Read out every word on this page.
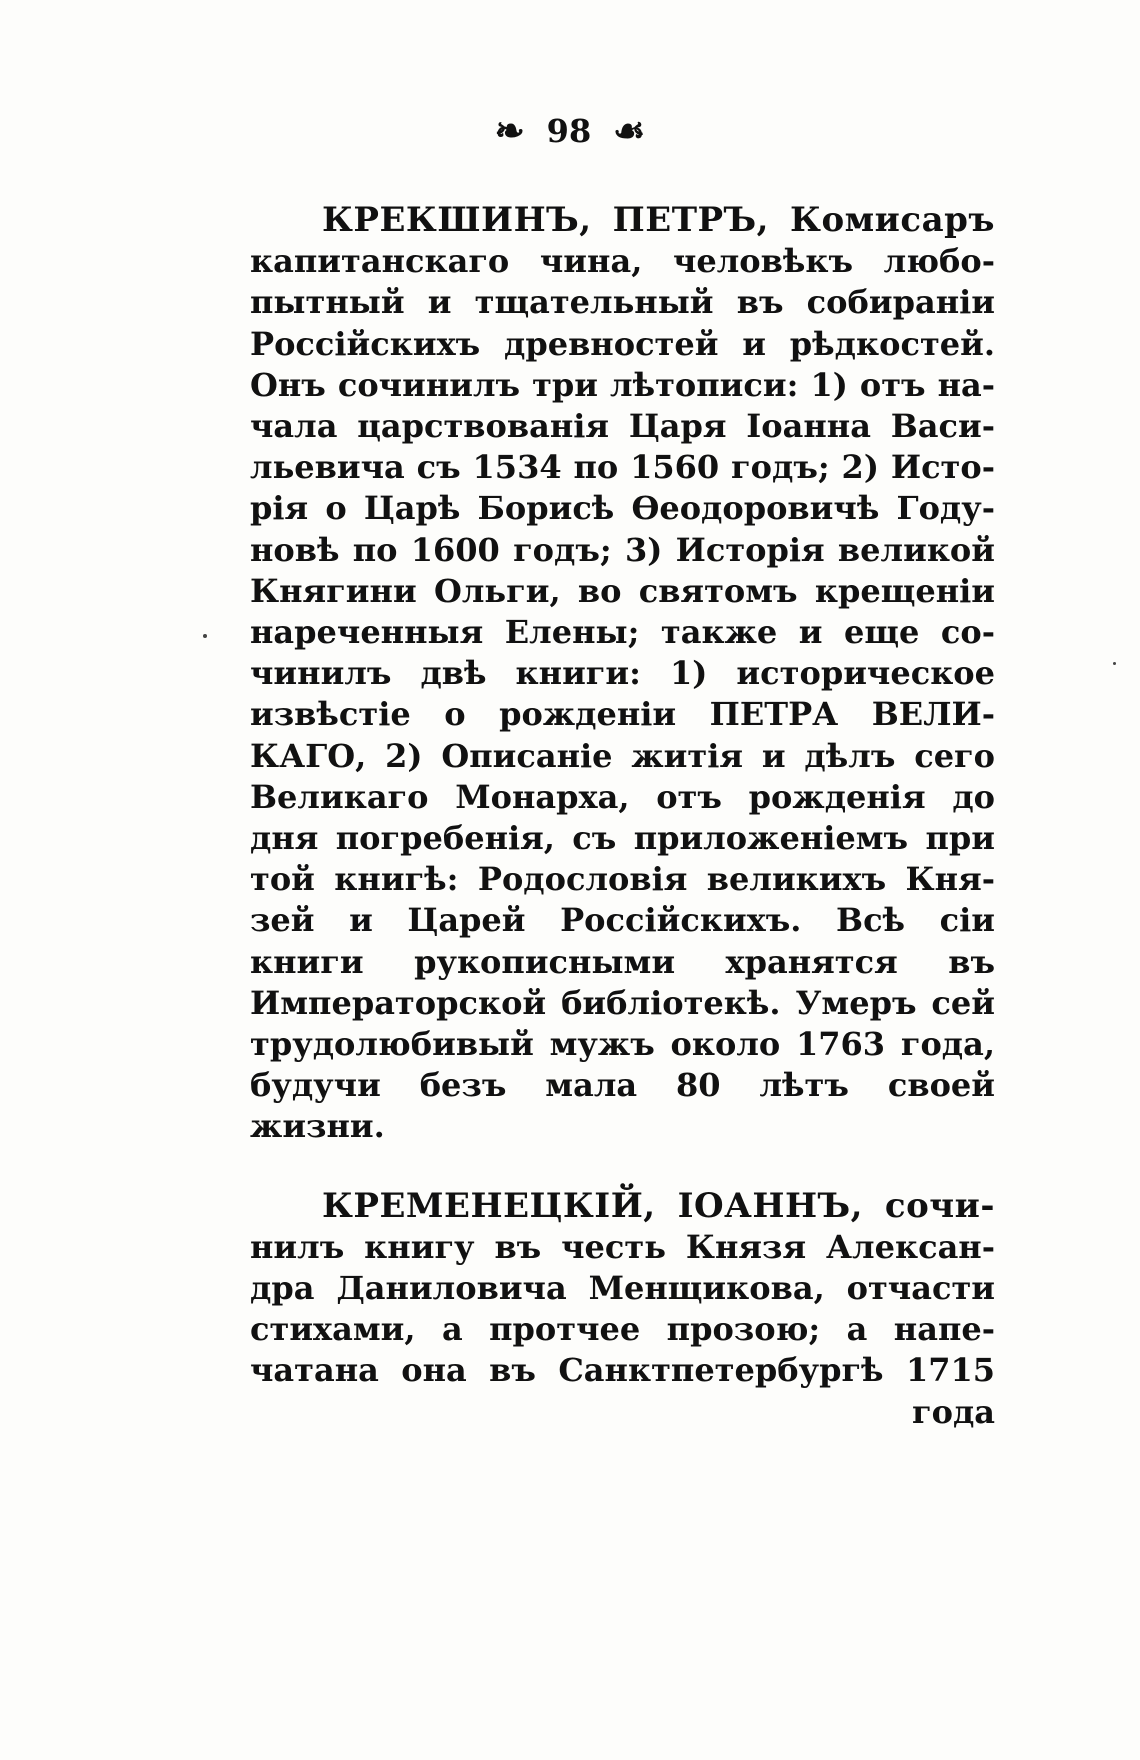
❧ 98 ☙
КРЕКШИНЪ, ПЕТРЪ, Комисаръ
капитанскаго чина, человѣкъ любо-
пытный и тщательный въ собиранiи
Россiйскихъ древностей и рѣдкостей.
Онъ сочинилъ три лѣтописи: 1) отъ на-
чала царствованiя Царя Iоанна Васи-
льевича съ 1534 по 1560 годъ; 2) Исто-
рiя о Царѣ Борисѣ Ѳеодоровичѣ Году-
новѣ по 1600 годъ; 3) Исторiя великой
Княгини Ольги, во святомъ крещенiи
нареченныя Елены; также и еще со-
чинилъ двѣ книги: 1) историческое
извѣстiе о рожденiи ПЕТРА ВЕЛИ-
КАГО, 2) Описанiе житiя и дѣлъ сего
Великаго Монарха, отъ рожденiя до
дня погребенiя, съ приложенiемъ при
той книгѣ: Родословiя великихъ Кня-
зей и Царей Россiйскихъ. Всѣ сiи
книги рукописными хранятся въ
Императорской библiотекѣ. Умеръ сей
трудолюбивый мужъ около 1763 года,
будучи безъ мала 80 лѣтъ своей
жизни.
КРЕМЕНЕЦКIЙ, IОАННЪ, сочи-
нилъ книгу въ честь Князя Алексан-
дра Даниловича Менщикова, отчасти
стихами, а протчее прозою; а напе-
чатана она въ Санктпетербургѣ 1715
года
